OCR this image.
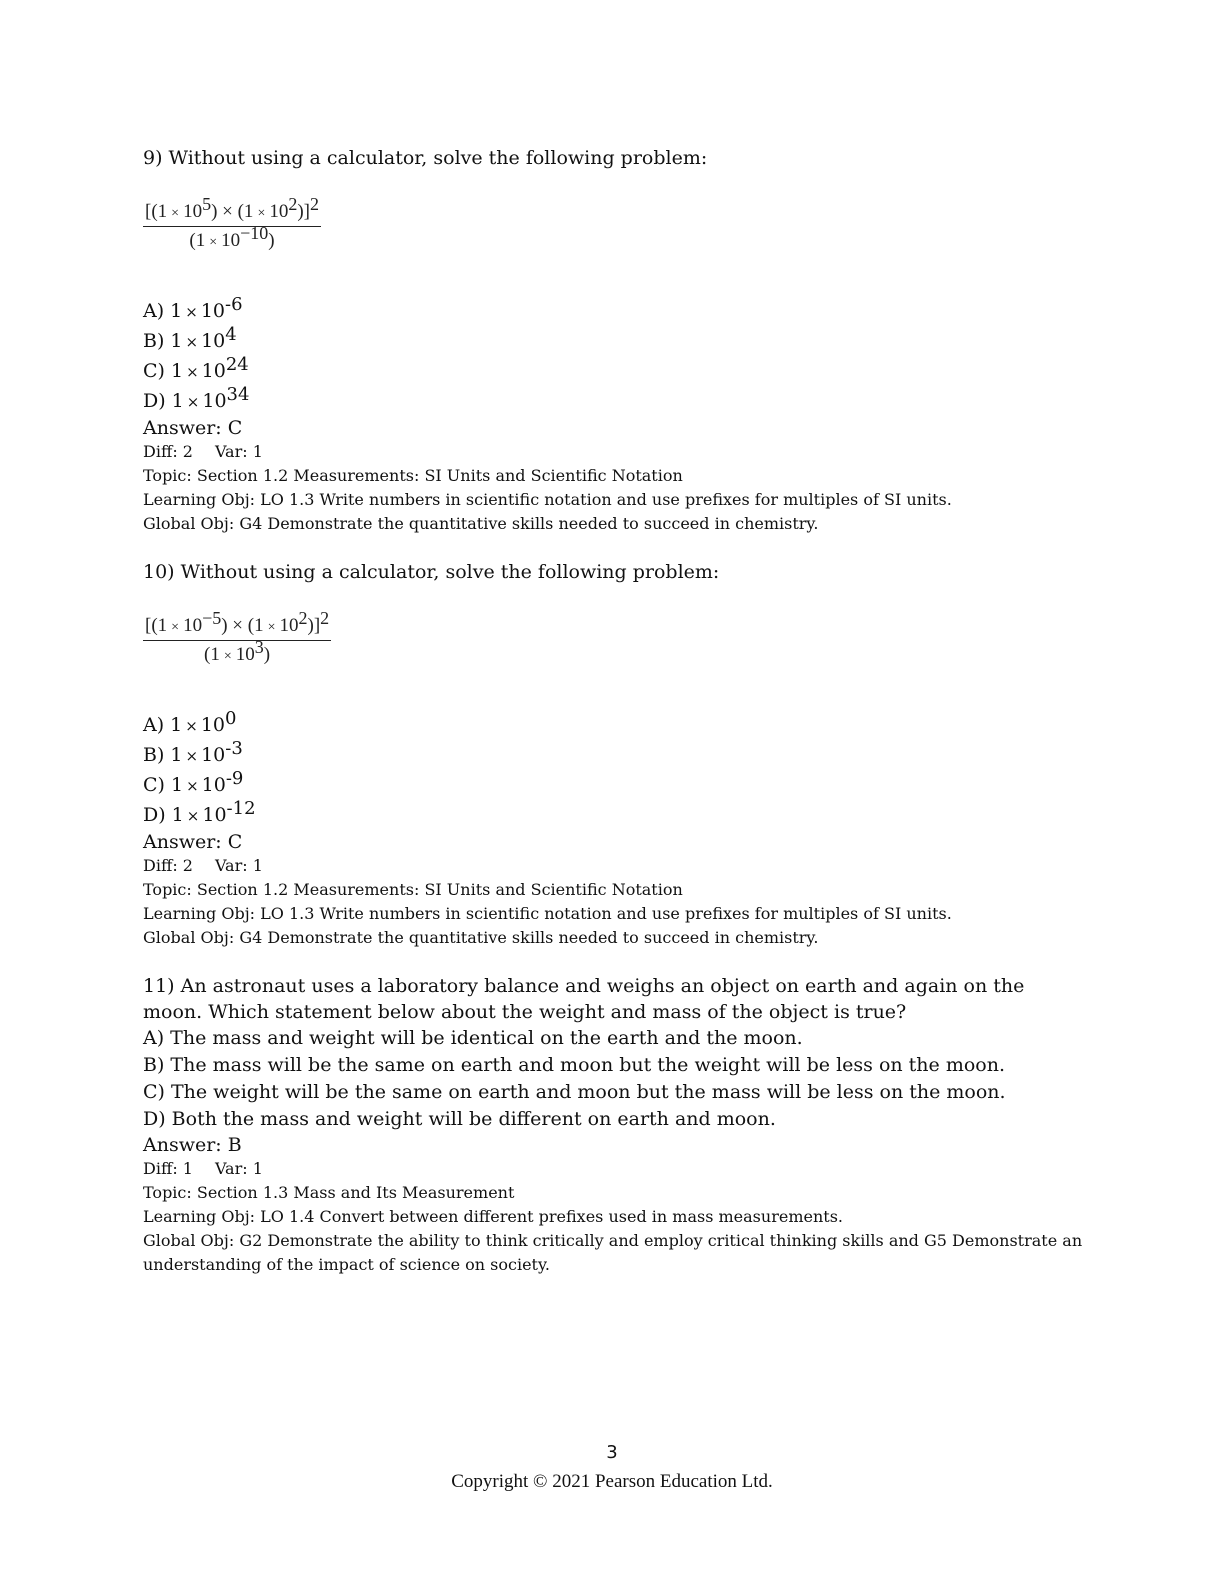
9) Without using a calculator, solve the following problem:

$\frac{[(1 \times 10^5) \times (1 \times 10^2)]^2}{(1 \times 10^{-10})}$
A) $1 \times 10^{-6}$
B) $1 \times 10^4$
C) $1 \times 10^{24}$
D) $1 \times 10^{34}$
Answer: C
Diff: 2 Var: 1
Topic: Section 1.2 Measurements: SI Units and Scientific Notation
Learning Obj: LO 1.3 Write numbers in scientific notation and use prefixes for multiples of SI units.
Global Obj: G4 Demonstrate the quantitative skills needed to succeed in chemistry.

10) Without using a calculator, solve the following problem:

$\frac{[(1 \times 10^{-5}) \times (1 \times 10^2)]^2}{(1 \times 10^3)}$
A) $1 \times 10^0$
B) $1 \times 10^{-3}$
C) $1 \times 10^{-9}$
D) $1 \times 10^{-12}$
Answer: C
Diff: 2 Var: 1
Topic: Section 1.2 Measurements: SI Units and Scientific Notation
Learning Obj: LO 1.3 Write numbers in scientific notation and use prefixes for multiples of SI units.
Global Obj: G4 Demonstrate the quantitative skills needed to succeed in chemistry.

11) An astronaut uses a laboratory balance and weighs an object on earth and again on the moon. Which statement below about the weight and mass of the object is true?

A) The mass and weight will be identical on the earth and the moon.
B) The mass will be the same on earth and moon but the weight will be less on the moon.
C) The weight will be the same on earth and moon but the mass will be less on the moon.
D) Both the mass and weight will be different on earth and moon.
Answer: B
Diff: 1 Var: 1
Topic: Section 1.3 Mass and Its Measurement
Learning Obj: LO 1.4 Convert between different prefixes used in mass measurements.
Global Obj: G2 Demonstrate the ability to think critically and employ critical thinking skills and G5 Demonstrate an understanding of the impact of science on society.
3
Copyright © 2021 Pearson Education Ltd.
